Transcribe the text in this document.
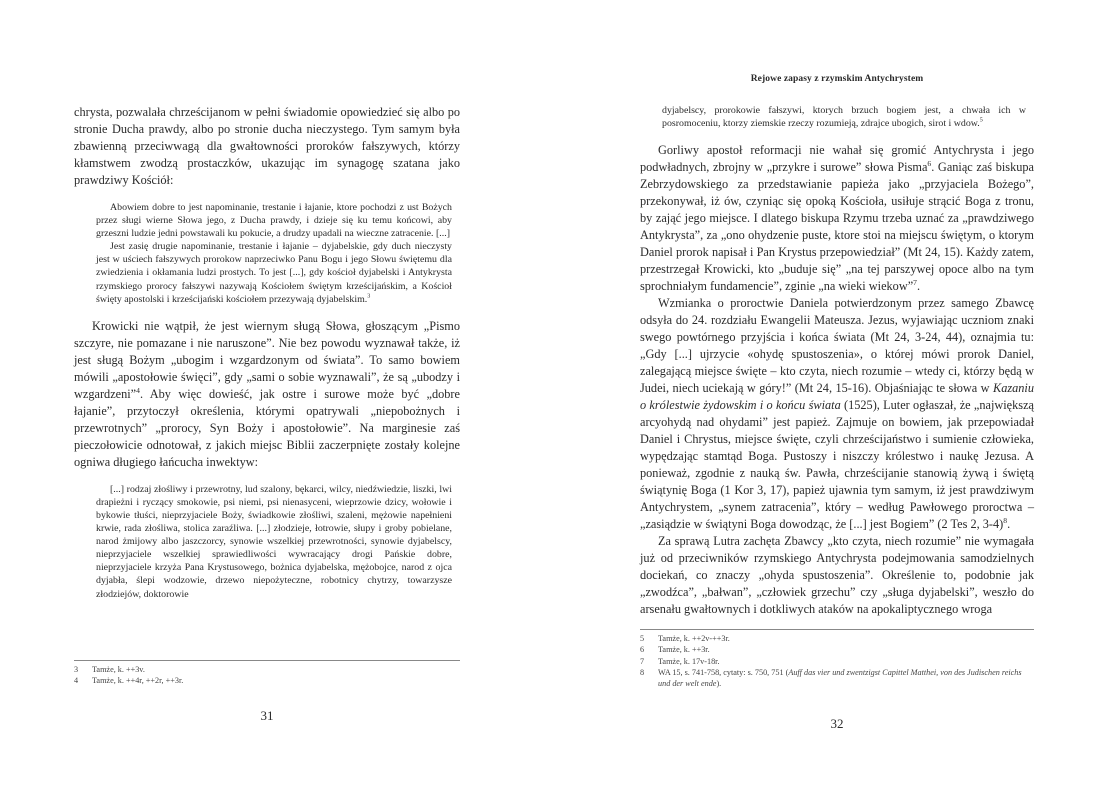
chrysta, pozwalała chrześcijanom w pełni świadomie opowiedzieć się albo po stronie Ducha prawdy, albo po stronie ducha nieczystego. Tym samym była zbawienną przeciwwagą dla gwałtowności proroków fałszywych, którzy kłamstwem zwodzą prostaczków, ukazując im synagogę szatana jako prawdziwy Kościół:

Abowiem dobre to jest napominanie, trestanie i łajanie, ktore pochodzi z ust Bożych przez sługi wierne Słowa jego, z Ducha prawdy, i dzieje się ku temu końcowi, aby grzeszni ludzie jedni powstawali ku pokucie, a drudzy upadali na wieczne zatracenie. [...]

Jest zasię drugie napominanie, trestanie i łajanie – dyjabelskie, gdy duch nieczysty jest w uściech fałszywych prorokow naprzeciwko Panu Bogu i jego Słowu świętemu dla zwiedzienia i okłamania ludzi prostych. To jest [...], gdy kościoł dyjabelski i Antykrysta rzymskiego prorocy fałszywi nazywają Kościołem świętym krześcijańskim, a Kościoł święty apostolski i krześcijański kościołem przezywają dyjabelskim.$^3$

Krowicki nie wątpił, że jest wiernym sługą Słowa, głoszącym „Pismo szczyre, nie pomazane i nie naruszone”. Nie bez powodu wyznawał także, iż jest sługą Bożym „ubogim i wzgardzonym od świata”. To samo bowiem mówili „apostołowie święci”, gdy „sami o sobie wyznawali”, że są „ubodzy i wzgardzeni”$^4$. Aby więc dowieść, jak ostre i surowe może być „dobre łajanie”, przytoczył określenia, którymi opatrywali „niepobożnych i przewrotnych” „prorocy, Syn Boży i apostołowie”. Na marginesie zaś pieczołowicie odnotował, z jakich miejsc Biblii zaczerpnięte zostały kolejne ogniwa długiego łańcucha inwektyw:

[...] rodzaj złośliwy i przewrotny, lud szalony, bękarci, wilcy, niedźwiedzie, liszki, lwi drapieżni i ryczący smokowie, psi niemi, psi nienasyceni, wieprzowie dzicy, wołowie i bykowie tłuści, nieprzyjaciele Boży, świadkowie złośliwi, szaleni, mężowie napełnieni krwie, rada złośliwa, stolica zaraźliwa. [...] złodzieje, łotrowie, słupy i groby pobielane, narod żmijowy albo jaszczorcy, synowie wszelkiej przewrotności, synowie dyjabelscy, nieprzyjaciele wszelkiej sprawiedliwości wywracający drogi Pańskie dobre, nieprzyjaciele krzyża Pana Krystusowego, bożnica dyjabelska, mężobojce, narod z ojca dyjabła, ślepi wodzowie, drzewo niepożyteczne, robotnicy chytrzy, towarzysze złodziejów, doktorowie

3	Tamże, k. ++3v.
4	Tamże, k. ++4r, ++2r, ++3r.
31
Rejowe zapasy z rzymskim Antychrystem

dyjabelscy, prorokowie fałszywi, ktorych brzuch bogiem jest, a chwała ich w posromoceniu, ktorzy ziemskie rzeczy rozumieją, zdrajce ubogich, sirot i wdow.$^5$

Gorliwy apostoł reformacji nie wahał się gromić Antychrysta i jego podwładnych, zbrojny w „przykre i surowe” słowa Pisma$^6$. Ganiąc zaś biskupa Zebrzydowskiego za przedstawianie papieża jako „przyjaciela Bożego”, przekonywał, iż ów, czyniąc się opoką Kościoła, usiłuje strącić Boga z tronu, by zająć jego miejsce. I dlatego biskupa Rzymu trzeba uznać za „prawdziwego Antykrysta”, za „ono ohydzenie puste, ktore stoi na miejscu świętym, o ktorym Daniel prorok napisał i Pan Krystus przepowiedział” (Mt 24, 15). Każdy zatem, przestrzegał Krowicki, kto „buduje się” „na tej parszywej opoce albo na tym sprochniałym fundamencie”, zginie „na wieki wiekow”$^7$.

Wzmianka o proroctwie Daniela potwierdzonym przez samego Zbawcę odsyła do 24. rozdziału Ewangelii Mateusza. Jezus, wyjawiając uczniom znaki swego powtórnego przyjścia i końca świata (Mt 24, 3-24, 44), oznajmia tu: „Gdy [...] ujrzycie «ohydę spustoszenia», o której mówi prorok Daniel, zalegającą miejsce święte – kto czyta, niech rozumie – wtedy ci, którzy będą w Judei, niech uciekają w góry!” (Mt 24, 15-16). Objaśniając te słowa w Kazaniu o królestwie żydowskim i o końcu świata (1525), Luter ogłaszał, że „największą arcyohydą nad ohydami” jest papież. Zajmuje on bowiem, jak przepowiadał Daniel i Chrystus, miejsce święte, czyli chrześcijaństwo i sumienie człowieka, wypędzając stamtąd Boga. Pustoszy i niszczy królestwo i naukę Jezusa. A ponieważ, zgodnie z nauką św. Pawła, chrześcijanie stanowią żywą i świętą świątynię Boga (1 Kor 3, 17), papież ujawnia tym samym, iż jest prawdziwym Antychrystem, „synem zatracenia”, który – według Pawłowego proroctwa – „zasiądzie w świątyni Boga dowodząc, że [...] jest Bogiem” (2 Tes 2, 3-4)$^8$.

Za sprawą Lutra zachęta Zbawcy „kto czyta, niech rozumie” nie wymagała już od przeciwników rzymskiego Antychrysta podejmowania samodzielnych dociekań, co znaczy „ohyda spustoszenia”. Określenie to, podobnie jak „zwodźca”, „bałwan”, „człowiek grzechu” czy „sługa dyjabelski”, weszło do arsenału gwałtownych i dotkliwych ataków na apokaliptycznego wroga

5	Tamże, k. ++2v-++3r.
6	Tamże, k. ++3r.
7	Tamże, k. 17v-18r.
8	WA 15, s. 741-758, cytaty: s. 750, 751 (Auff das vier und zwentzigst Capittel Matthei, von des Judischen reichs und der welt ende).
32
